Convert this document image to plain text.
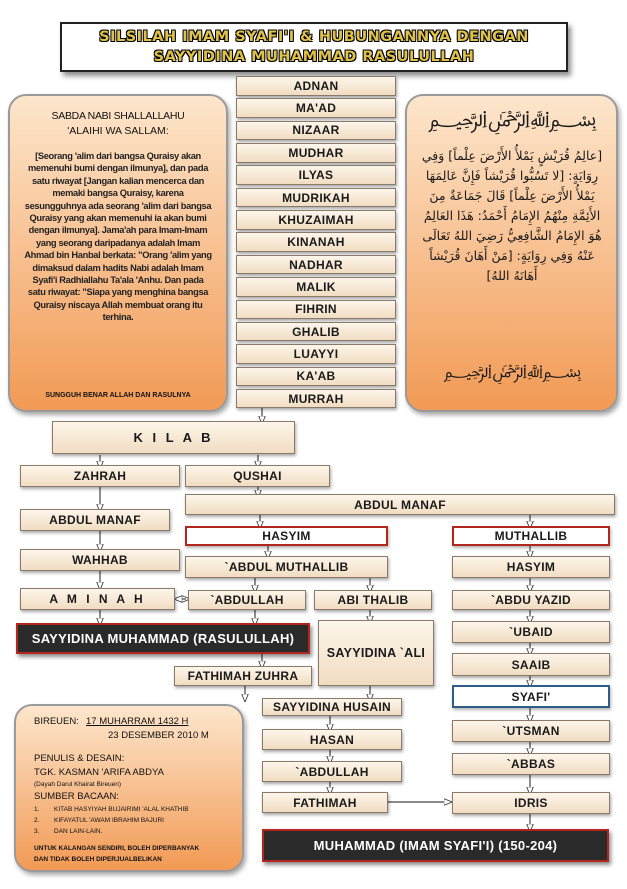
SILSILAH IMAM SYAFI'I & HUBUNGANNYA DENGAN
SAYYIDINA MUHAMMAD RASULULLAH
SABDA NABI SHALLALLAHU
'ALAIHI WA SALLAM:
[Seorang 'alim dari bangsa Quraisy akan memenuhi bumi dengan ilmunya], dan pada satu riwayat [Jangan kalian mencerca dan memaki bangsa Quraisy, karena sesungguhnya ada seorang 'alim dari bangsa Quraisy yang akan memenuhi ia akan bumi dengan ilmunya]. Jama'ah para Imam-Imam yang seorang daripadanya adalah Imam Ahmad bin Hanbal berkata: "Orang 'alim yang dimaksud dalam hadits Nabi adalah Imam Syafi'i Radhiallahu Ta'ala 'Anhu. Dan pada satu riwayat: "Siapa yang menghina bangsa Quraisy niscaya Allah membuat orang itu terhina.
SUNGGUH BENAR ALLAH DAN RASULNYA
﷽
[عالِمُ قُرَيْشٍ يَمْلأُ الأَرْضَ عِلْماً] وَفِي رِوَايَةٍ: [لا تَسُبُّوا قُرَيْشاً فَإِنَّ عَالِمَهَا يَمْلأُ الأَرْضَ عِلْماً] قَالَ جَمَاعَةٌ مِنَ الأَئِمَّةِ مِنْهُمُ الإِمَامُ أَحْمَدُ: هَذَا العَالِمُ هُوَ الإِمَامُ الشَّافِعِيُّ رَضِيَ اللهُ تَعَالَى عَنْهُ وَفِي رِوَايَةٍ: [مَنْ أَهَانَ قُرَيْشاً أَهَانَهُ اللهُ]
﷽
ADNAN
MA'AD
NIZAAR
MUDHAR
ILYAS
MUDRIKAH
KHUZAIMAH
KINANAH
NADHAR
MALIK
FIHRIN
GHALIB
LUAYYI
KA'AB
MURRAH
K I L A B
ZAHRAH	QUSHAI
ABDUL MANAF
ABDUL MANAF
WAHHAB
A M I N A H
HASYIM	MUTHALLIB
`ABDUL MUTHALLIB	HASYIM
`ABDULLAH	ABI THALIB	`ABDU YAZID
SAYYIDINA MUHAMMAD (RASULULLAH)
SAYYIDINA `ALI
`UBAID
SAAIB
FATHIMAH ZUHRA
SYAFI'
SAYYIDINA HUSAIN
`UTSMAN
HASAN
`ABBAS
`ABDULLAH
FATHIMAH	IDRIS
MUHAMMAD (IMAM SYAFI'I) (150-204)
BIREUEN: 17 MUHARRAM 1432 H
23 DESEMBER 2010 M
PENULIS & DESAIN:
TGK. KASMAN 'ARIFA ABDYA
(Dayah Darul Khairat Bireuen)
SUMBER BACAAN:
1. KITAB HASYIYAH BUJAIRIMI 'ALAL KHATHIB
2. KIFAYATUL 'AWAM IBRAHIM BAJURI
3. DAN LAIN-LAIN.
UNTUK KALANGAN SENDIRI, BOLEH DIPERBANYAK
DAN TIDAK BOLEH DIPERJUALBELIKAN
